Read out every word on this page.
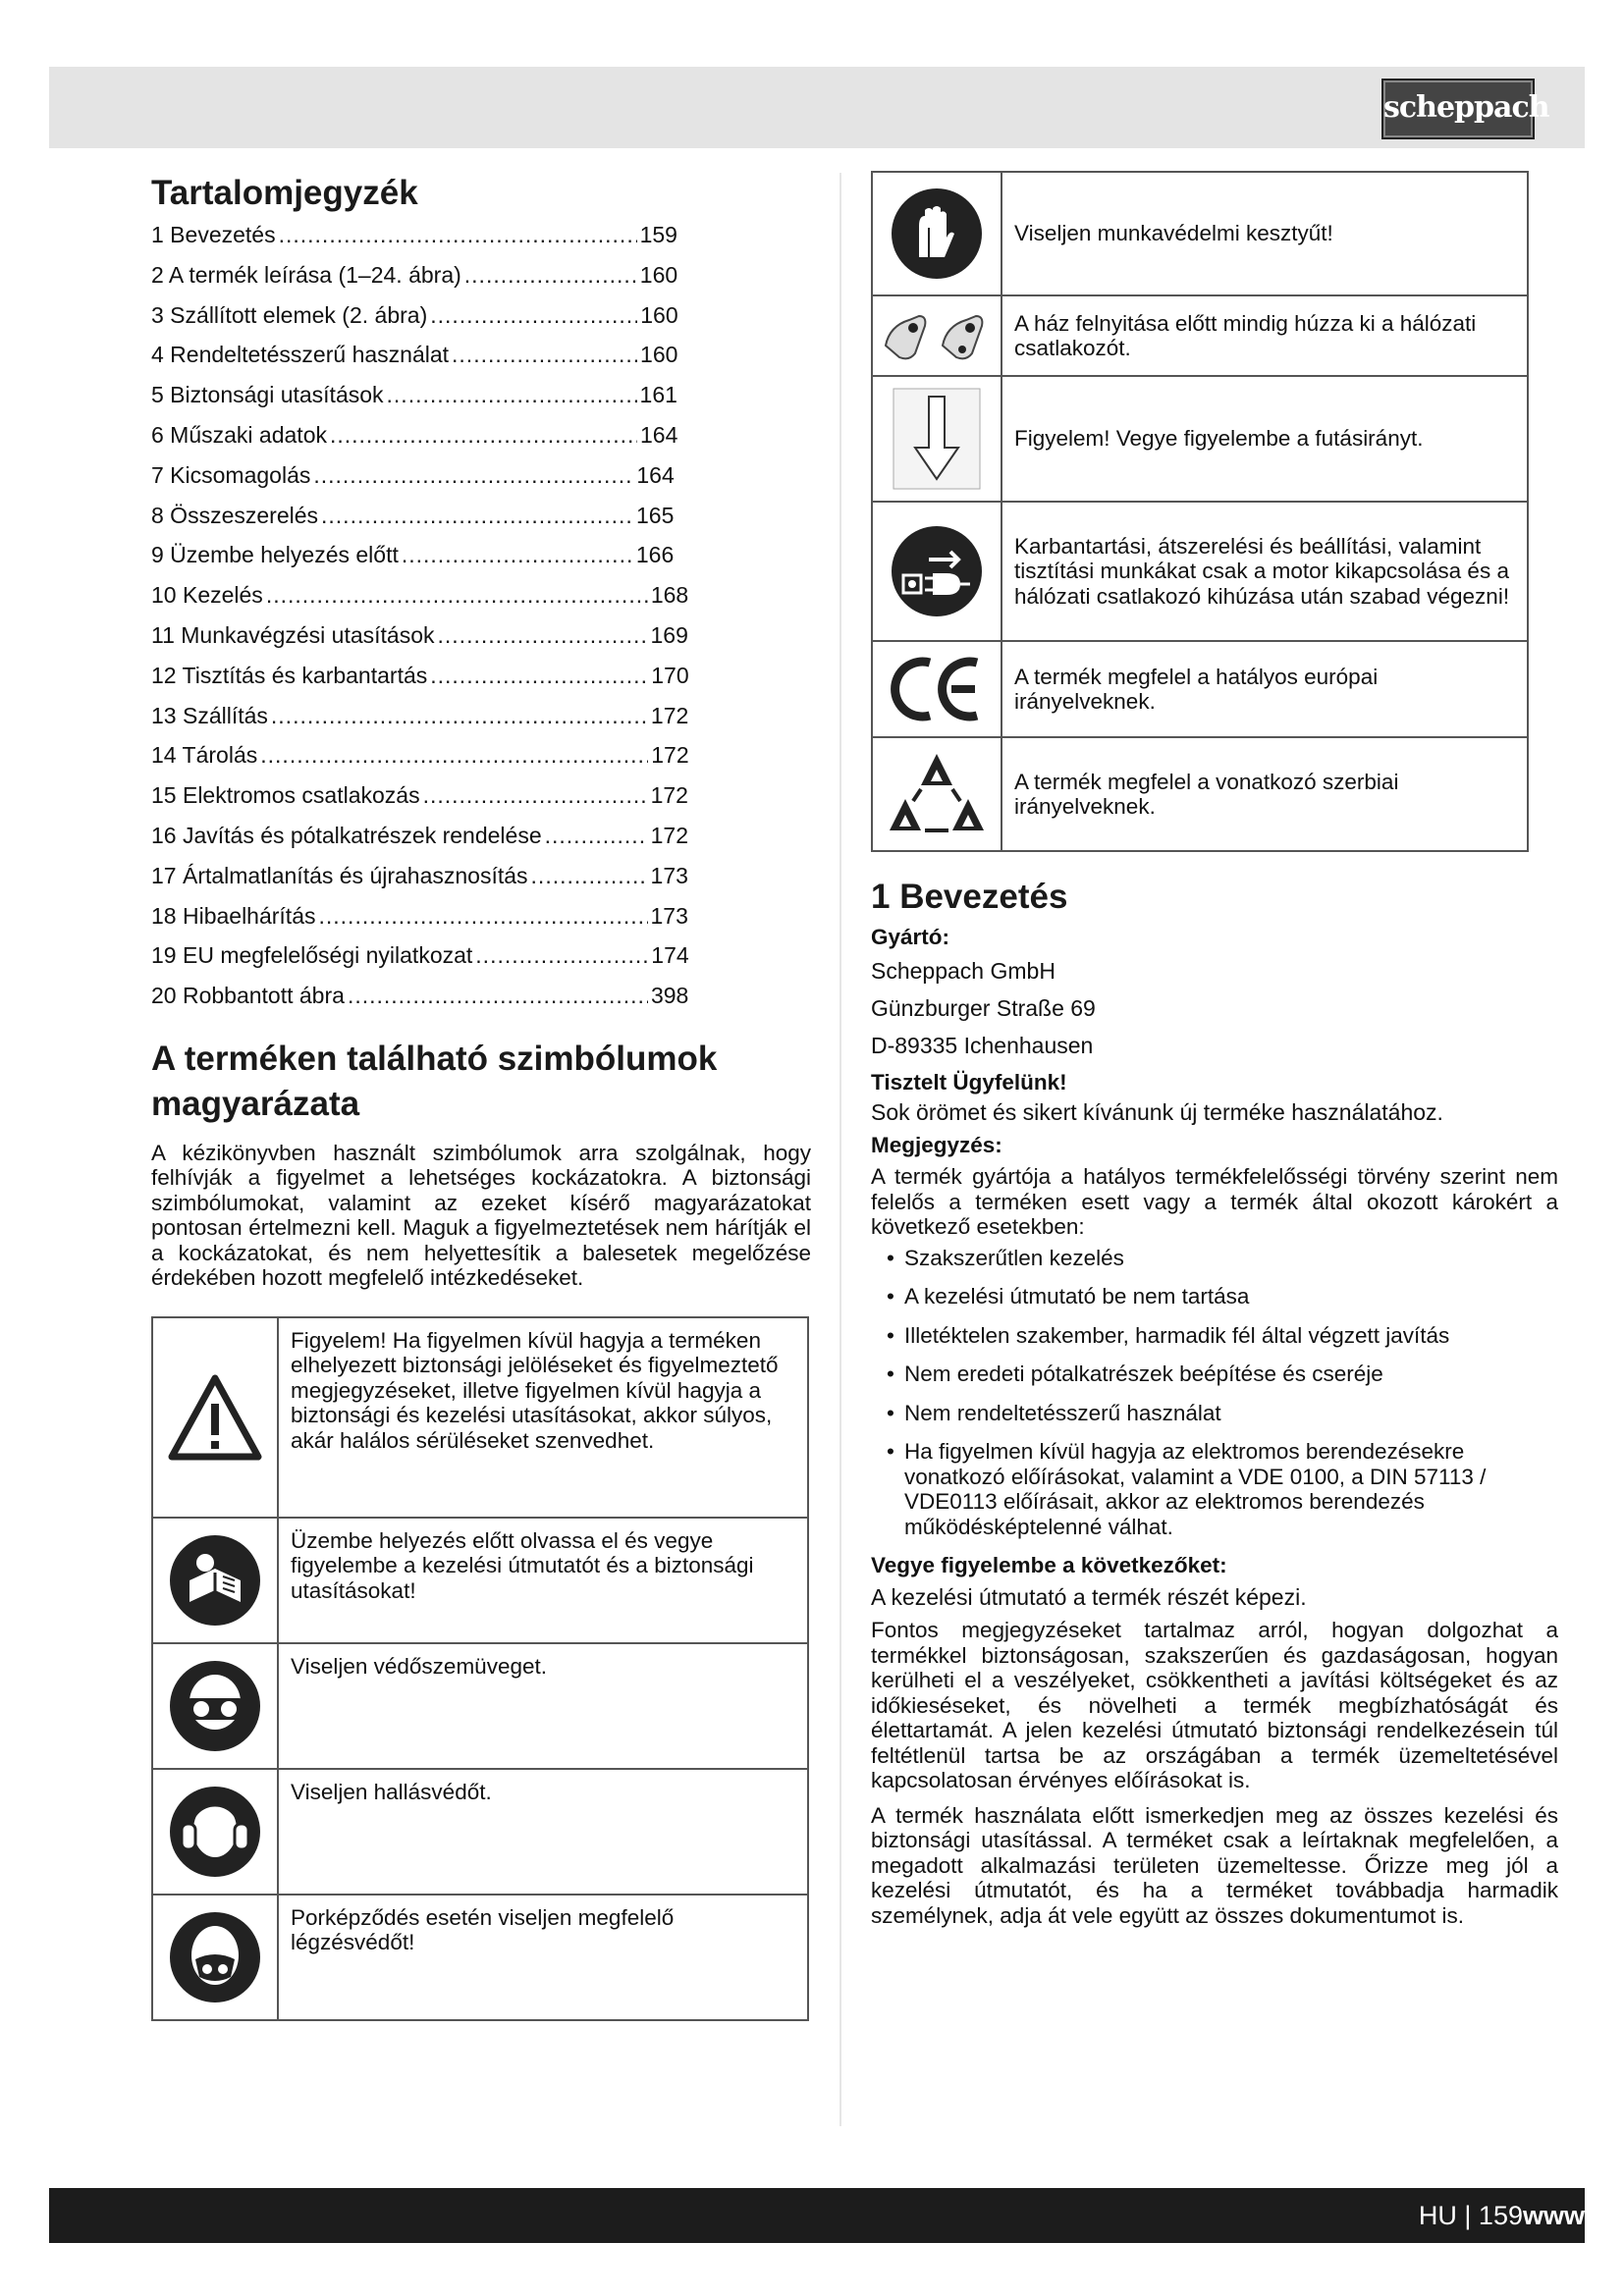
scheppach
Tartalomjegyzék
1 Bevezetés .....	159
2 A termék leírása (1–24. ábra) .....	160
3 Szállított elemek (2. ábra) .....	160
4 Rendeltetésszerű használat .....	160
5 Biztonsági utasítások .....	161
6 Műszaki adatok .....	164
7 Kicsomagolás .....	164
8 Összeszerelés .....	165
9 Üzembe helyezés előtt .....	166
10 Kezelés .....	168
11 Munkavégzési utasítások .....	169
12 Tisztítás és karbantartás .....	170
13 Szállítás .....	172
14 Tárolás .....	172
15 Elektromos csatlakozás .....	172
16 Javítás és pótalkatrészek rendelése .....	172
17 Ártalmatlanítás és újrahasznosítás .....	173
18 Hibaelhárítás .....	173
19 EU megfelelőségi nyilatkozat .....	174
20 Robbantott ábra .....	398
A terméken található szimbólumok magyarázata

A kézikönyvben használt szimbólumok arra szolgálnak, hogy felhívják a figyelmet a lehetséges kockázatokra. A biztonsági szimbólumokat, valamint az ezeket kísérő magyarázatokat pontosan értelmezni kell. Maguk a figyelmeztetések nem hárítják el a kockázatokat, és nem helyettesítik a balesetek megelőzése érdekében hozott megfelelő intézkedéseket.

	Figyelem! Ha figyelmen kívül hagyja a terméken elhelyezett biztonsági jelöléseket és figyelmeztető megjegyzéseket, illetve figyelmen kívül hagyja a biztonsági és kezelési utasításokat, akkor súlyos, akár halálos sérüléseket szenvedhet.

	Üzembe helyezés előtt olvassa el és vegye figyelembe a kezelési útmutatót és a biztonsági utasításokat!

	Viseljen védőszemüveget.

	Viseljen hallásvédőt.

	Porképződés esetén viseljen megfelelő légzésvédőt!
	Viseljen munkavédelmi kesztyűt!

	A ház felnyitása előtt mindig húzza ki a hálózati csatlakozót.

	Figyelem! Vegye figyelembe a futásirányt.

	Karbantartási, átszerelési és beállítási, valamint tisztítási munkákat csak a motor kikapcsolása és a hálózati csatlakozó kihúzása után szabad végezni!

	A termék megfelel a hatályos európai irányelveknek.

	A termék megfelel a vonatkozó szerbiai irányelveknek.
1 Bevezetés
Gyártó:
Scheppach GmbH
Günzburger Straße 69
D-89335 Ichenhausen
Tisztelt Ügyfelünk!

Sok örömet és sikert kívánunk új terméke használatához.

Megjegyzés:

A termék gyártója a hatályos termékfelelősségi törvény szerint nem felelős a terméken esett vagy a termék által okozott károkért a következő esetekben:

• Szakszerűtlen kezelés
• A kezelési útmutató be nem tartása
• Illetéktelen szakember, harmadik fél által végzett javítás
• Nem eredeti pótalkatrészek beépítése és cseréje
• Nem rendeltetésszerű használat
• Ha figyelmen kívül hagyja az elektromos berendezésekre vonatkozó előírásokat, valamint a VDE 0100, a DIN 57113 / VDE0113 előírásait, akkor az elektromos berendezés működésképtelenné válhat.
Vegye figyelembe a következőket:

A kezelési útmutató a termék részét képezi.

Fontos megjegyzéseket tartalmaz arról, hogyan dolgozhat a termékkel biztonságosan, szakszerűen és gazdaságosan, hogyan kerülheti el a veszélyeket, csökkentheti a javítási költségeket és az időkieséseket, és növelheti a termék megbízhatóságát és élettartamát. A jelen kezelési útmutató biztonsági rendelkezésein túl feltétlenül tartsa be az országában a termék üzemeltetésével kapcsolatosan érvényes előírásokat is.

A termék használata előtt ismerkedjen meg az összes kezelési és biztonsági utasítással. A terméket csak a leírtaknak megfelelően, a megadott alkalmazási területen üzemeltesse. Őrizze meg jól a kezelési útmutatót, és ha a terméket továbbadja harmadik személynek, adja át vele együtt az összes dokumentumot is.

HU | 159www
